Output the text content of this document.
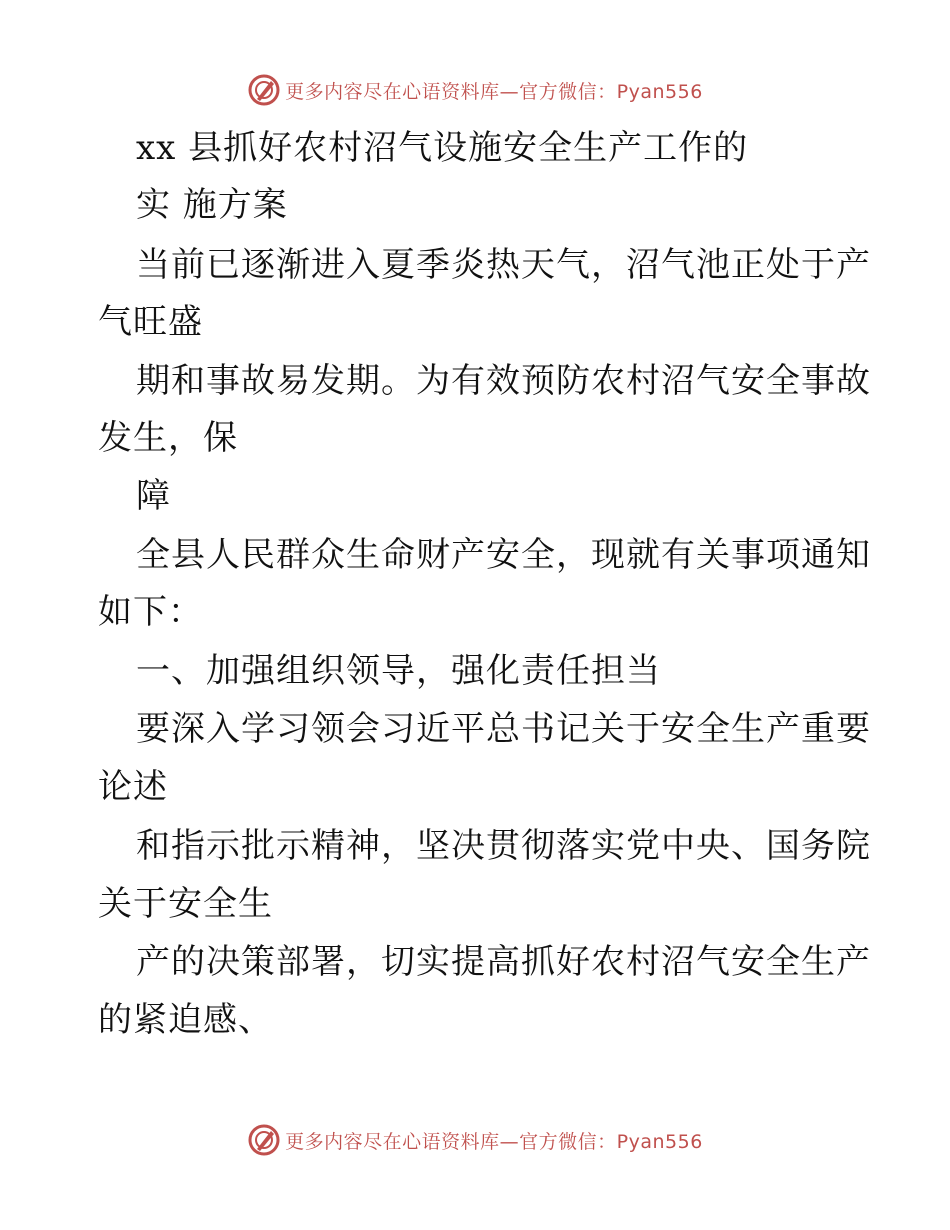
更多内容尽在心语资料库—官方微信：Pyan556
xx 县抓好农村沼气设施安全生产工作的
实 施方案
当前已逐渐进入夏季炎热天气，沼气池正处于产
气旺盛
期和事故易发期。为有效预防农村沼气安全事故
发生，保
障
全县人民群众生命财产安全，现就有关事项通知
如下：
一、加强组织领导，强化责任担当
要深入学习领会习近平总书记关于安全生产重要
论述
和指示批示精神，坚决贯彻落实党中央、国务院
关于安全生
产的决策部署，切实提高抓好农村沼气安全生产
的紧迫感、
更多内容尽在心语资料库—官方微信：Pyan556
